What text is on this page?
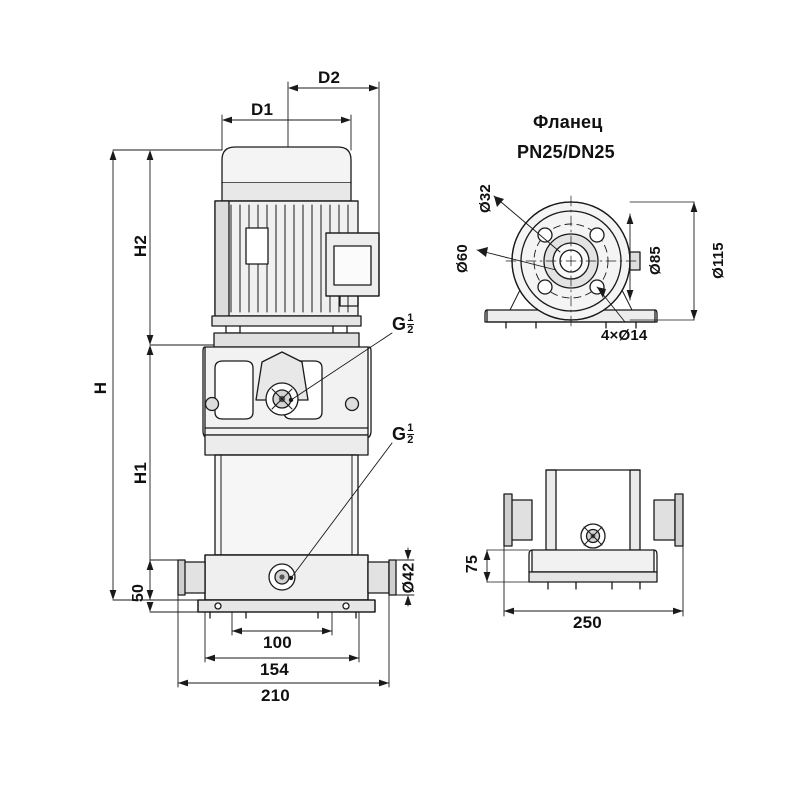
D1
D2
H2
H1
H
50	Ø42
100
154
210
G $\frac{1}{2}$
G $\frac{1}{2}$
Фланец
PN25/DN25
Ø32
Ø60	Ø85	Ø115
4×Ø14
75
250
